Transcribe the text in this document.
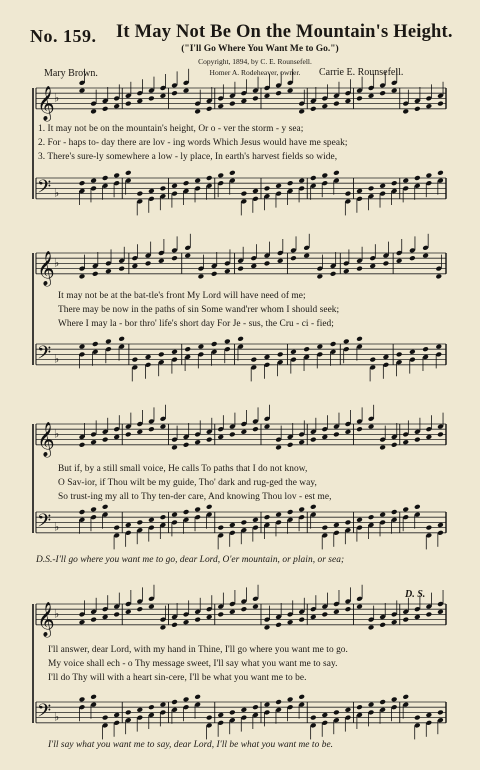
No. 159. It May Not Be On the Mountain's Height.
("I'll Go Where You Want Me to Go.")
Copyright, 1894, by C. E. Rounsefell.
Homer A. Rodeheaver, owner.
Mary Brown.	Carrie E. Rounsefell.
𝄞 ♭
𝄢 ♭
𝄞 ♭
𝄢 ♭
𝄞 ♭
𝄢 ♭
𝄞 ♭
𝄢 ♭
1. It may not be on the mountain's height, Or o - ver the storm - y sea;
2. For - haps to- day there are lov - ing words Which Jesus would have me speak;
3. There's sure-ly somewhere a low - ly place, In earth's harvest fields so wide,
It may not be at the bat-tle's front My Lord will have need of me;
There may be now in the paths of sin Some wand'rer whom I should seek;
Where I may la - bor thro' life's short day For Je - sus, the Cru - ci - fied;
But if, by a still small voice, He calls To paths that I do not know,
O Sav-ior, if Thou wilt be my guide, Tho' dark and rug-ged the way,
So trust-ing my all to Thy ten-der care, And knowing Thou lov - est me,
D.S.-I'll go where you want me to go, dear Lord, O'er mountain, or plain, or sea;
D. S.
I'll answer, dear Lord, with my hand in Thine, I'll go where you want me to go.
My voice shall ech - o Thy message sweet, I'll say what you want me to say.
I'll do Thy will with a heart sin-cere, I'll be what you want me to be.
I'll say what you want me to say, dear Lord, I'll be what you want me to be.
